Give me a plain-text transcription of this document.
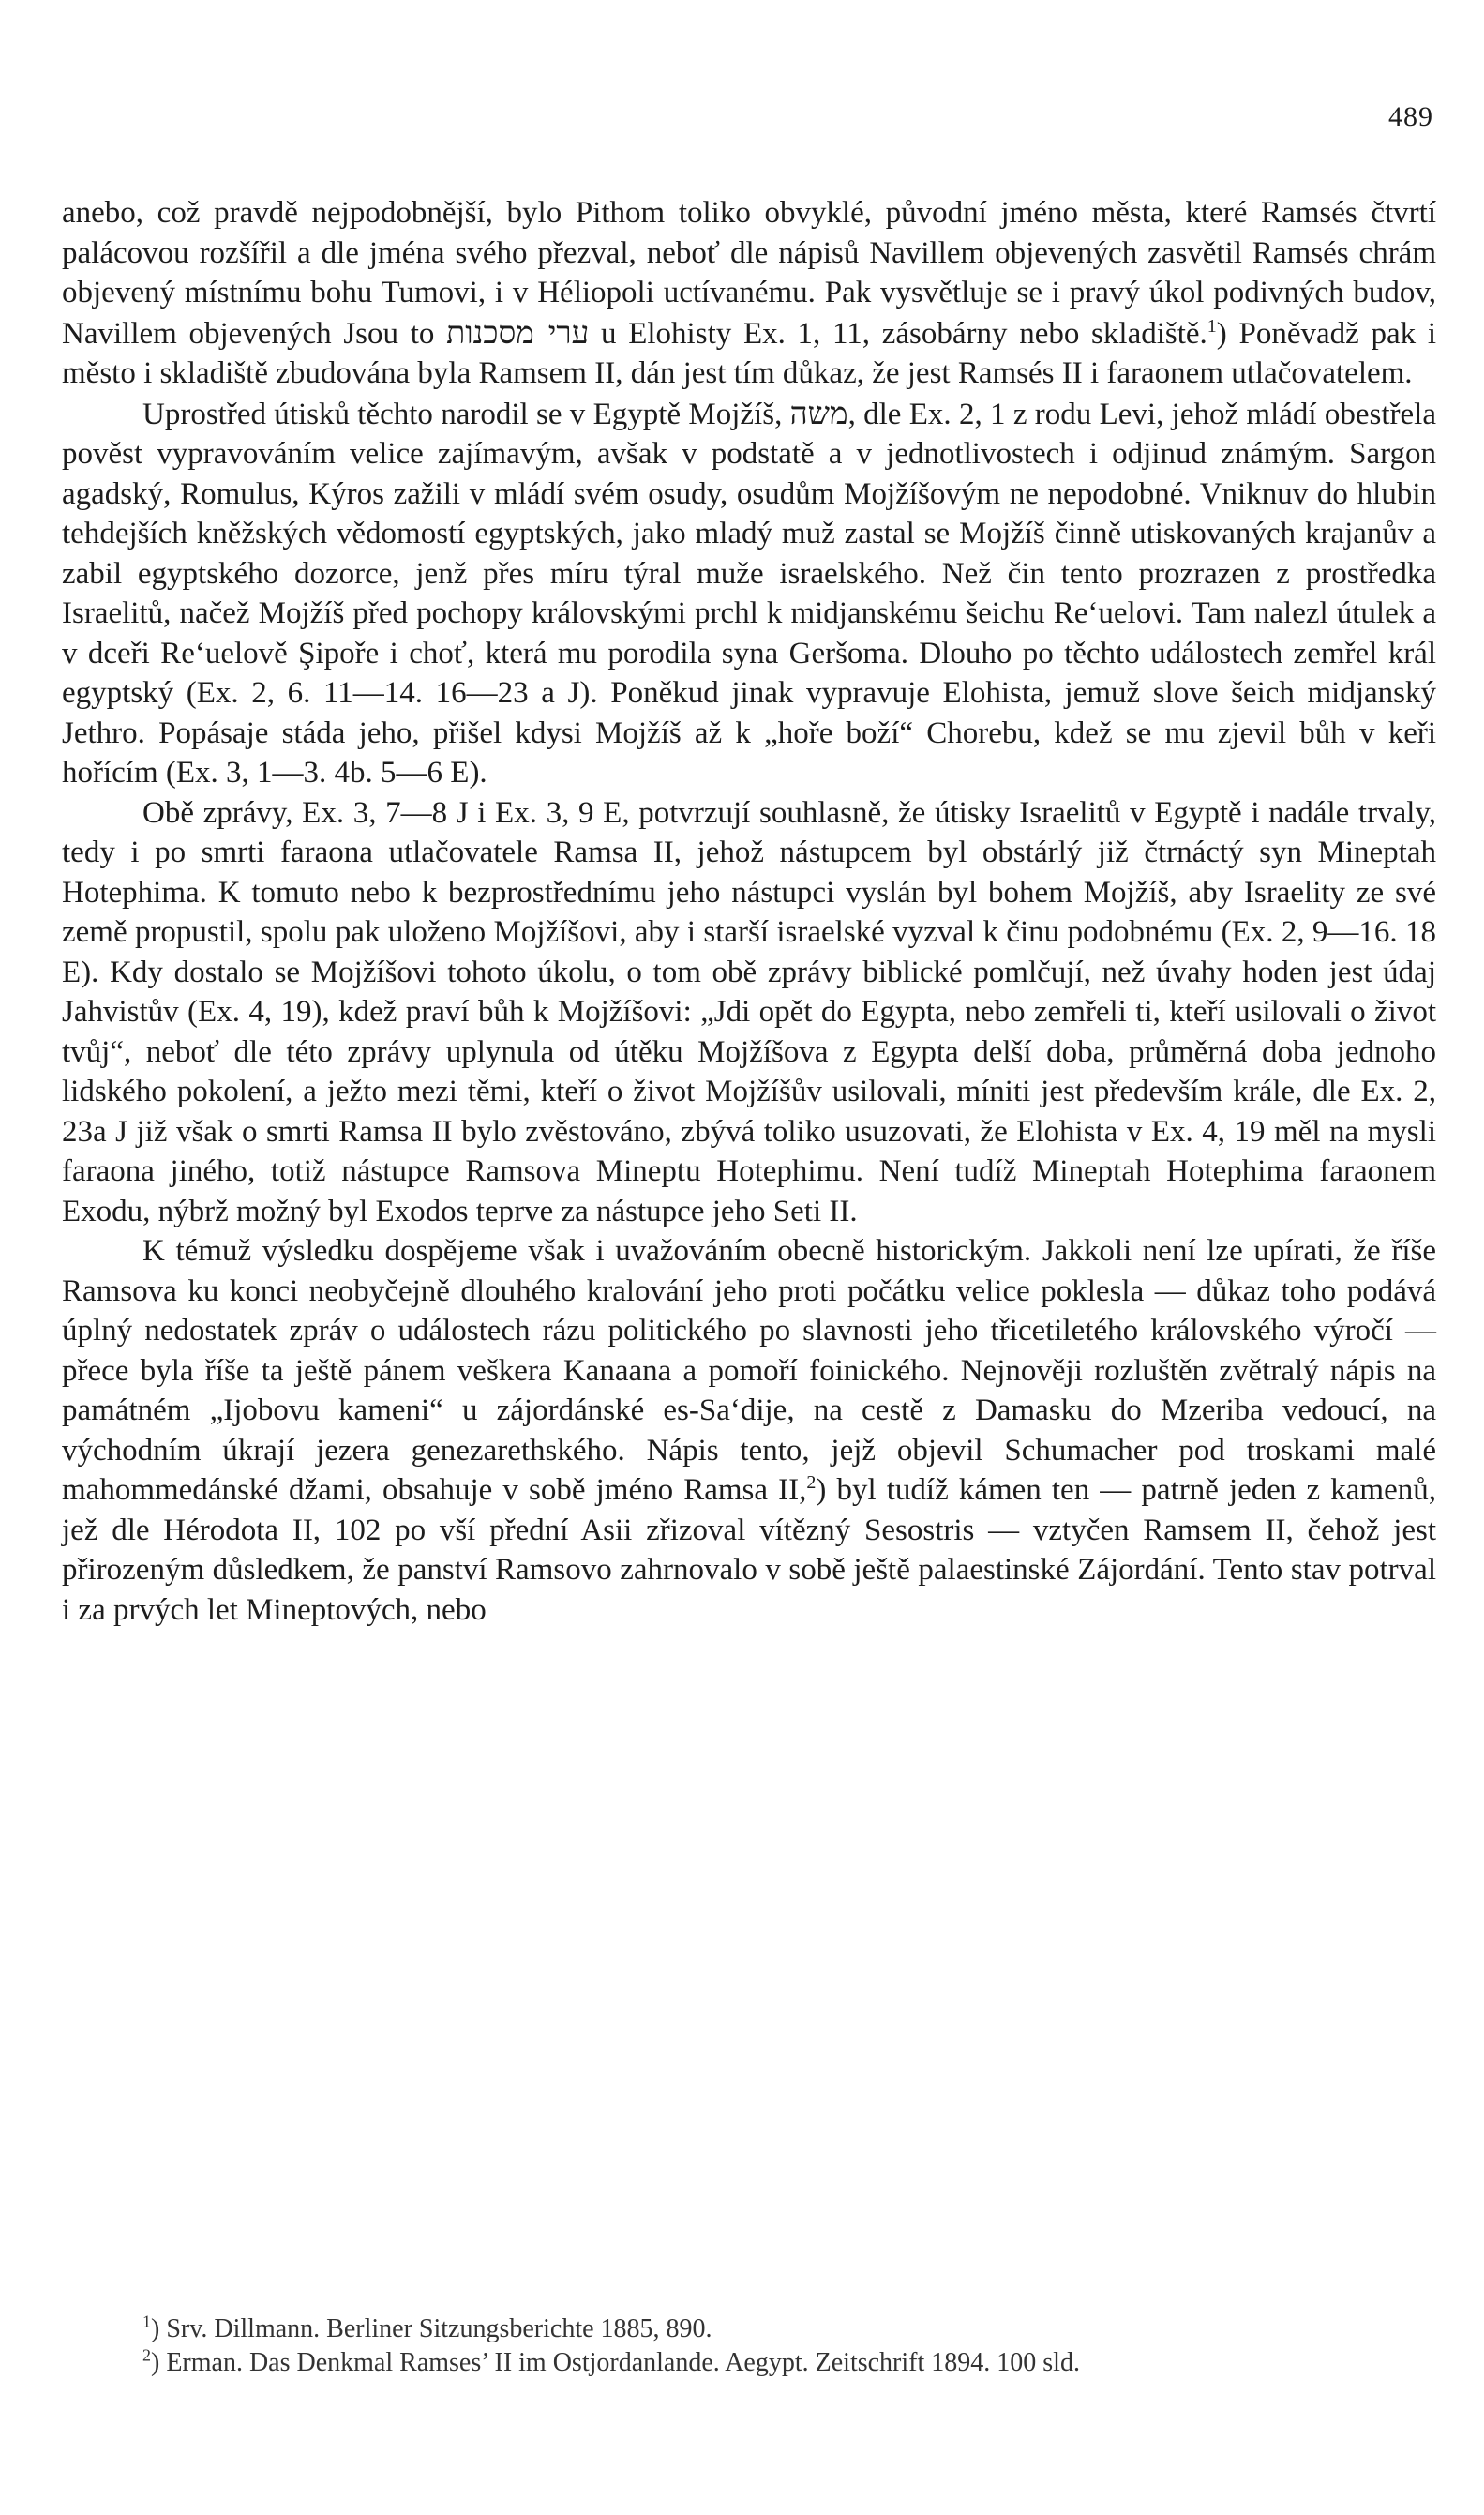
489

anebo, což pravdě nejpodobnější, bylo Pithom toliko obvyklé, původní jméno města, které Ramsés čtvrtí palácovou rozšířil a dle jména svého přezval, neboť dle nápisů Navillem objevených zasvětil Ramsés chrám objevený místnímu bohu Tumovi, i v Héliopoli uctívanému. Pak vysvětluje se i pravý úkol podivných budov, Navillem objevených Jsou to ערי מסכנות u Elohisty Ex. 1, 11, zásobárny nebo skladiště.$^1$) Poněvadž pak i město i skladiště zbudována byla Ramsem II, dán jest tím důkaz, že jest Ramsés II i faraonem utlačovatelem.

Uprostřed útisků těchto narodil se v Egyptě Mojžíš, משה, dle Ex. 2, 1 z rodu Levi, jehož mládí obestřela pověst vypravováním velice zajímavým, avšak v podstatě a v jednotlivostech i odjinud známým. Sargon agadský, Romulus, Kýros zažili v mládí svém osudy, osudům Mojžíšovým ne nepodobné. Vniknuv do hlubin tehdejších kněžských vědomostí egyptských, jako mladý muž zastal se Mojžíš činně utiskovaných krajanův a zabil egyptského dozorce, jenž přes míru týral muže israelského. Než čin tento prozrazen z prostředka Israelitů, načež Mojžíš před pochopy královskými prchl k midjanskému šeichu Re‘uelovi. Tam nalezl útulek a v dceři Re‘uelově Şipoře i choť, která mu porodila syna Geršoma. Dlouho po těchto událostech zemřel král egyptský (Ex. 2, 6. 11—14. 16—23 a J). Poněkud jinak vypravuje Elohista, jemuž slove šeich midjanský Jethro. Popásaje stáda jeho, přišel kdysi Mojžíš až k „hoře boží“ Chorebu, kdež se mu zjevil bůh v keři hořícím (Ex. 3, 1—3. 4b. 5—6 E).

Obě zprávy, Ex. 3, 7—8 J i Ex. 3, 9 E, potvrzují souhlasně, že útisky Israelitů v Egyptě i nadále trvaly, tedy i po smrti faraona utlačovatele Ramsa II, jehož nástupcem byl obstárlý již čtrnáctý syn Mineptah Hotephima. K tomuto nebo k bezprostřednímu jeho nástupci vyslán byl bohem Mojžíš, aby Israelity ze své země propustil, spolu pak uloženo Mojžíšovi, aby i starší israelské vyzval k činu podobnému (Ex. 2, 9—16. 18 E). Kdy dostalo se Mojžíšovi tohoto úkolu, o tom obě zprávy biblické pomlčují, než úvahy hoden jest údaj Jahvistův (Ex. 4, 19), kdež praví bůh k Mojžíšovi: „Jdi opět do Egypta, nebo zemřeli ti, kteří usilovali o život tvůj“, neboť dle této zprávy uplynula od útěku Mojžíšova z Egypta delší doba, průměrná doba jednoho lidského pokolení, a ježto mezi těmi, kteří o život Mojžíšův usilovali, míniti jest především krále, dle Ex. 2, 23a J již však o smrti Ramsa II bylo zvěstováno, zbývá toliko usuzovati, že Elohista v Ex. 4, 19 měl na mysli faraona jiného, totiž nástupce Ramsova Mineptu Hotephimu. Není tudíž Mineptah Hotephima faraonem Exodu, nýbrž možný byl Exodos teprve za nástupce jeho Seti II.

K témuž výsledku dospějeme však i uvažováním obecně historickým. Jakkoli není lze upírati, že říše Ramsova ku konci neobyčejně dlouhého kralování jeho proti počátku velice poklesla — důkaz toho podává úplný nedostatek zpráv o událostech rázu politického po slavnosti jeho třicetiletého královského výročí — přece byla říše ta ještě pánem veškera Kanaana a pomoří foinického. Nejnověji rozluštěn zvětralý nápis na památném „Ijobovu kameni“ u zájordánské es-Sa‘dije, na cestě z Damasku do Mzeriba vedoucí, na východním úkrají jezera genezarethského. Nápis tento, jejž objevil Schumacher pod troskami malé mahommedánské džami, obsahuje v sobě jméno Ramsa II,$^2$) byl tudíž kámen ten — patrně jeden z kamenů, jež dle Hérodota II, 102 po vší přední Asii zřizoval vítězný Sesostris — vztyčen Ramsem II, čehož jest přirozeným důsledkem, že panství Ramsovo zahrnovalo v sobě ještě palaestinské Zájordání. Tento stav potrval i za prvých let Mineptových, nebo

$^1$) Srv. Dillmann. Berliner Sitzungsberichte 1885, 890.

$^2$) Erman. Das Denkmal Ramses’ II im Ostjordanlande. Aegypt. Zeitschrift 1894. 100 sld.
